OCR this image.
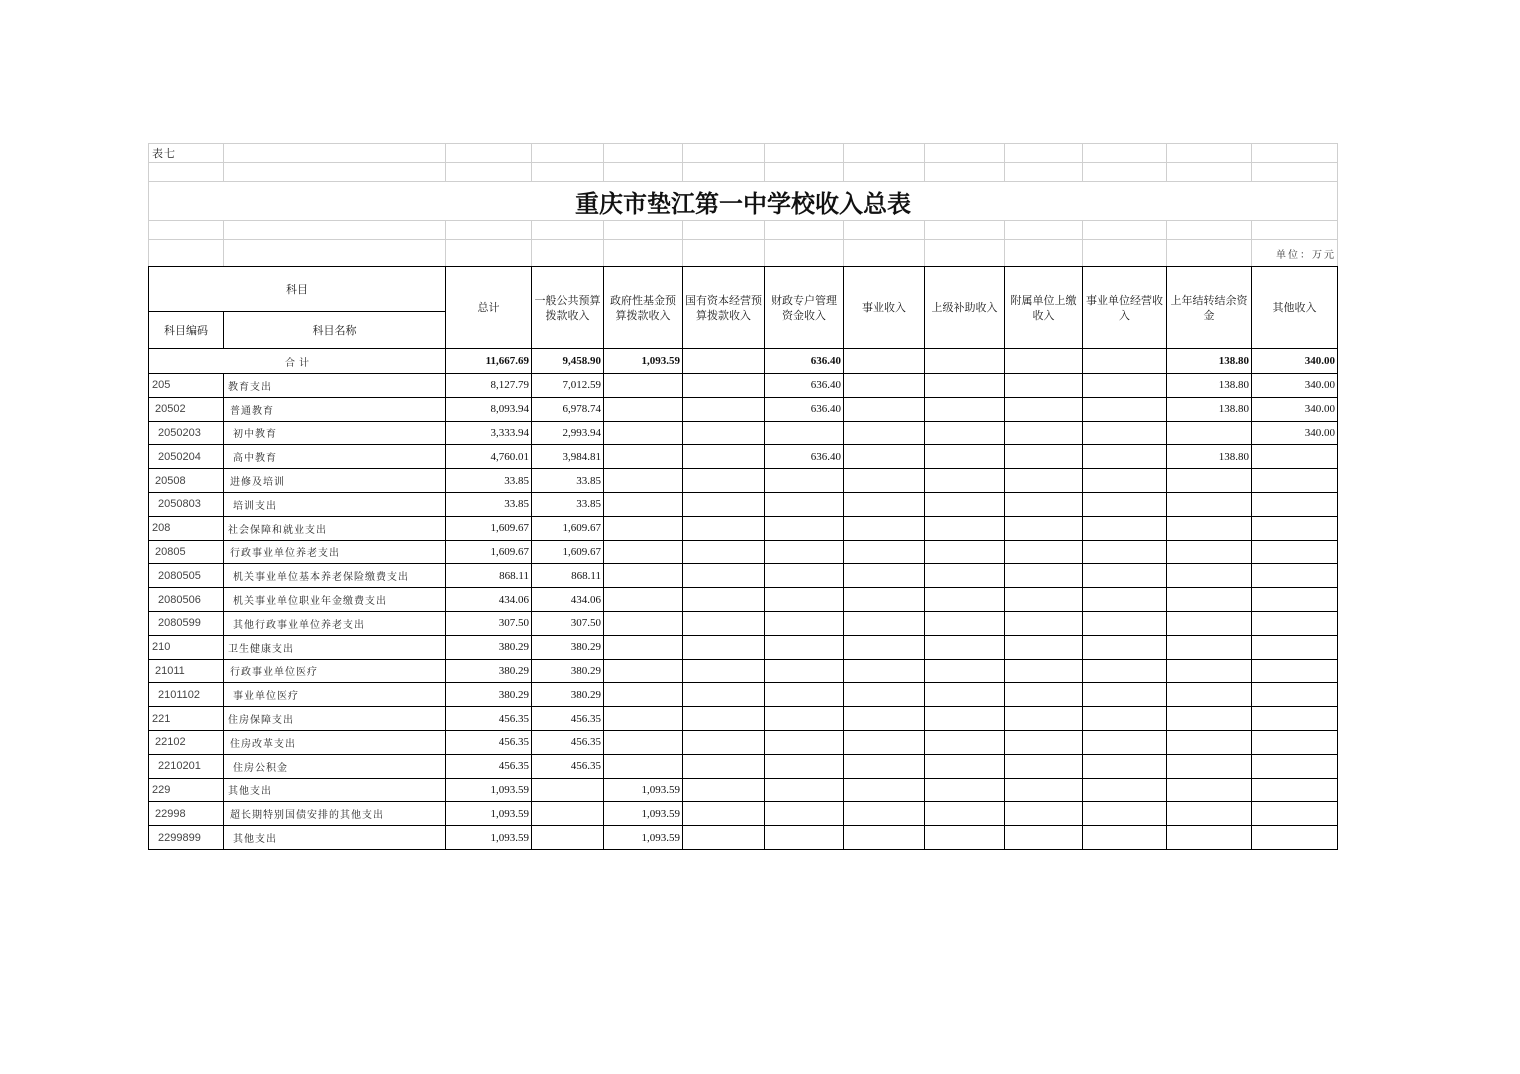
表七												

重庆市垫江第一中学校收入总表												

												单位：万元
科目		总计	一般公共预算
拨款收入	政府性基金预
算拨款收入	国有资本经营预
算拨款收入	财政专户管理
资金收入	事业收入	上级补助收入	附属单位上缴
收入	事业单位经营收
入	上年结转结余资
金	其他收入
科目编码	科目名称											
合计		11,667.69	9,458.90	1,093.59		636.40					138.80	340.00
205	教育支出	8,127.79	7,012.59			636.40					138.80	340.00
20502	普通教育	8,093.94	6,978.74			636.40					138.80	340.00
2050203	初中教育	3,333.94	2,993.94									340.00
2050204	高中教育	4,760.01	3,984.81			636.40					138.80	
20508	进修及培训	33.85	33.85									
2050803	培训支出	33.85	33.85									
208	社会保障和就业支出	1,609.67	1,609.67									
20805	行政事业单位养老支出	1,609.67	1,609.67									
2080505	机关事业单位基本养老保险缴费支出	868.11	868.11									
2080506	机关事业单位职业年金缴费支出	434.06	434.06									
2080599	其他行政事业单位养老支出	307.50	307.50									
210	卫生健康支出	380.29	380.29									
21011	行政事业单位医疗	380.29	380.29									
2101102	事业单位医疗	380.29	380.29									
221	住房保障支出	456.35	456.35									
22102	住房改革支出	456.35	456.35									
2210201	住房公积金	456.35	456.35									
229	其他支出	1,093.59		1,093.59								
22998	超长期特别国债安排的其他支出	1,093.59		1,093.59								
2299899	其他支出	1,093.59		1,093.59								
